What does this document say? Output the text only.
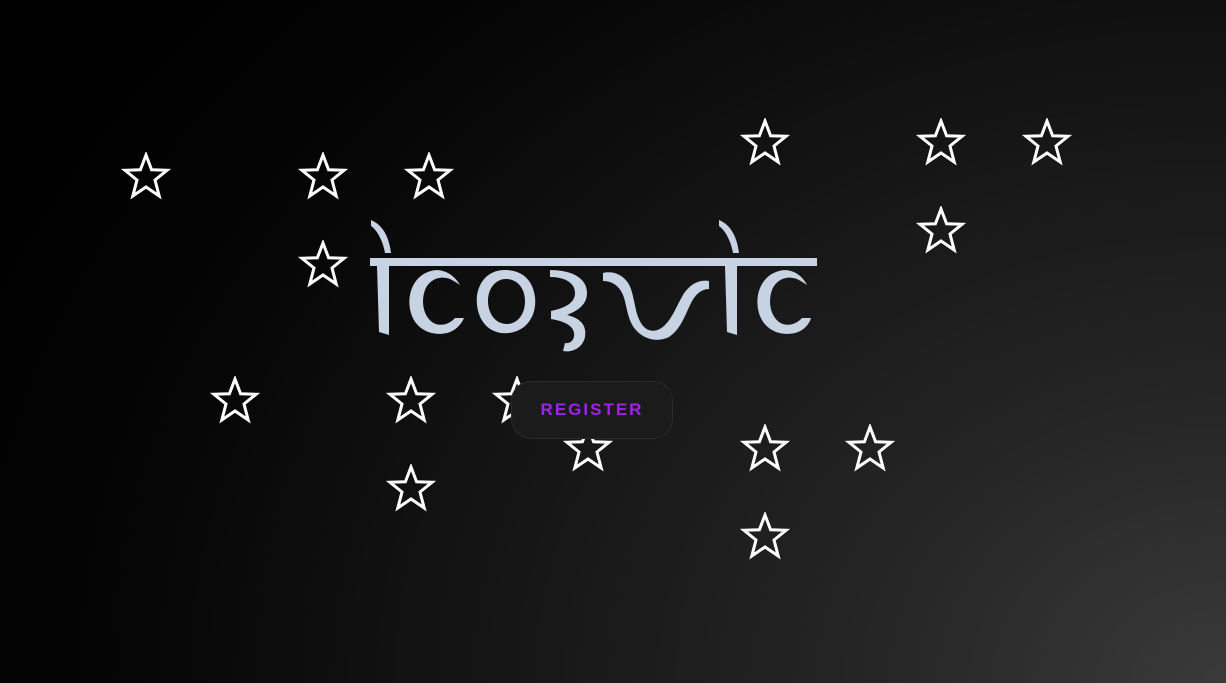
REGISTER
